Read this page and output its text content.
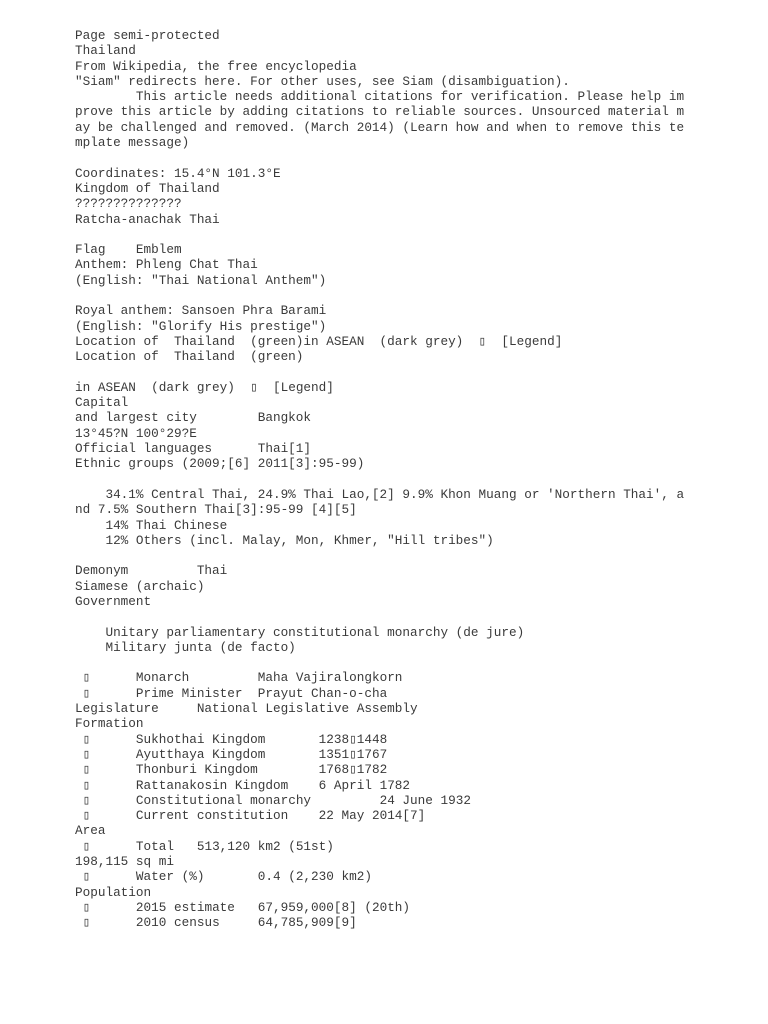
Page semi-protected
Thailand
From Wikipedia, the free encyclopedia
"Siam" redirects here. For other uses, see Siam (disambiguation).
This article needs additional citations for verification. Please help im
prove this article by adding citations to reliable sources. Unsourced material m
ay be challenged and removed. (March 2014) (Learn how and when to remove this te
mplate message)
Coordinates: 15.4°N 101.3°E
Kingdom of Thailand
??????????????
Ratcha-anachak Thai
Flag    Emblem
Anthem: Phleng Chat Thai
(English: "Thai National Anthem")
Royal anthem: Sansoen Phra Barami
(English: "Glorify His prestige")
Location of  Thailand  (green)in ASEAN  (dark grey)  ▯  [Legend]
Location of  Thailand  (green)
in ASEAN  (dark grey)  ▯  [Legend]
Capital
and largest city        Bangkok
13°45?N 100°29?E
Official languages      Thai[1]
Ethnic groups (2009;[6] 2011[3]:95-99)
34.1% Central Thai, 24.9% Thai Lao,[2] 9.9% Khon Muang or 'Northern Thai', a
nd 7.5% Southern Thai[3]:95-99 [4][5]
14% Thai Chinese
12% Others (incl. Malay, Mon, Khmer, "Hill tribes")
Demonym         Thai
Siamese (archaic)
Government
Unitary parliamentary constitutional monarchy (de jure)
Military junta (de facto)
▯      Monarch         Maha Vajiralongkorn
▯      Prime Minister  Prayut Chan-o-cha
Legislature     National Legislative Assembly
Formation
▯      Sukhothai Kingdom       1238▯1448
▯      Ayutthaya Kingdom       1351▯1767
▯      Thonburi Kingdom        1768▯1782
▯      Rattanakosin Kingdom    6 April 1782
▯      Constitutional monarchy         24 June 1932
▯      Current constitution    22 May 2014[7]
Area
▯      Total   513,120 km2 (51st)
198,115 sq mi
▯      Water (%)       0.4 (2,230 km2)
Population
▯      2015 estimate   67,959,000[8] (20th)
▯      2010 census     64,785,909[9]
